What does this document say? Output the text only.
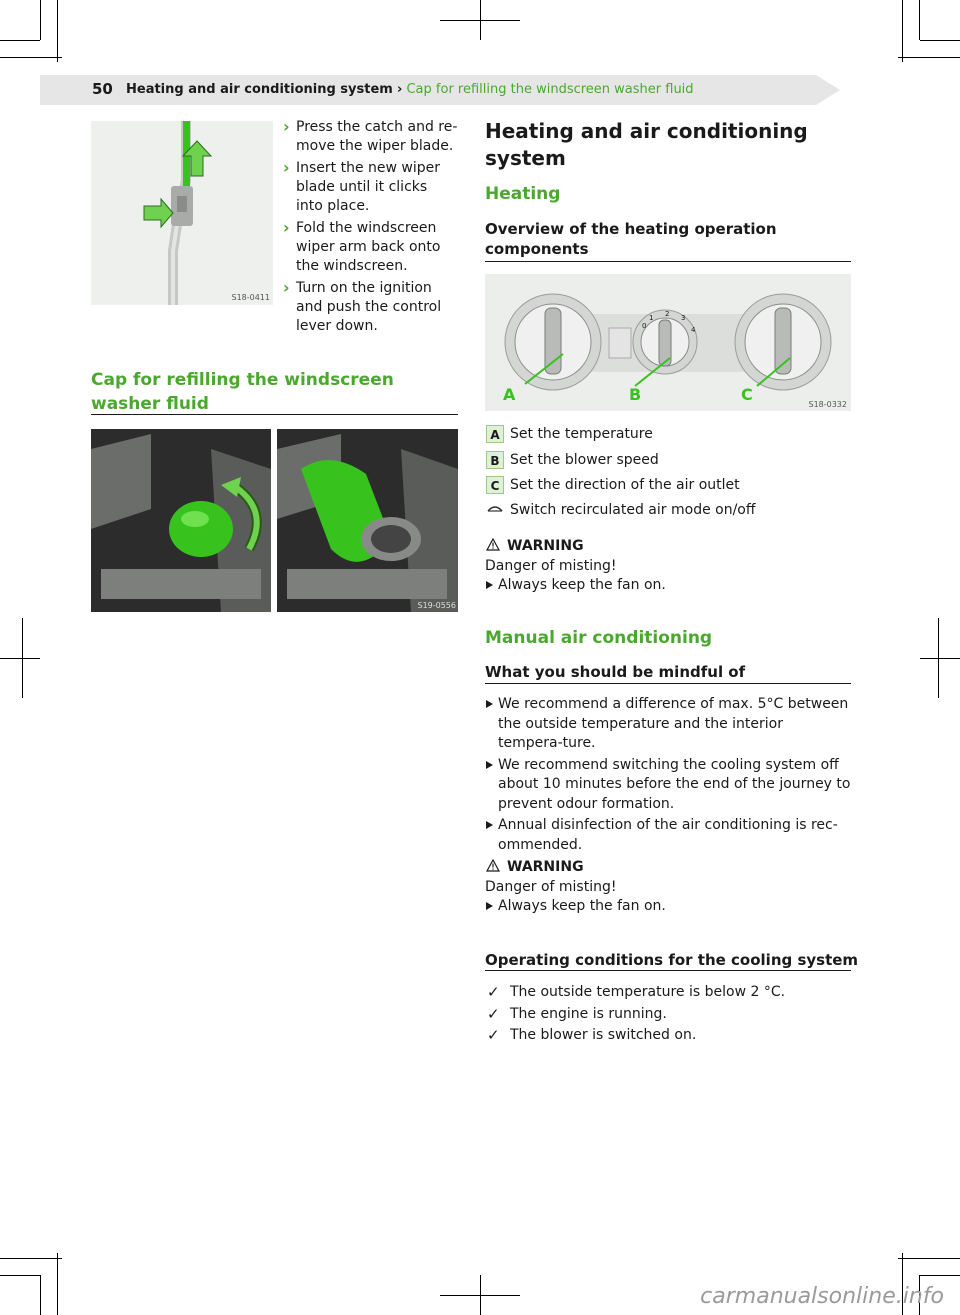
50 Heating and air conditioning system › Cap for refilling the windscreen washer fluid
S18-0411
› Press the catch and re-move the wiper blade.
› Insert the new wiper blade until it clicks into place.
› Fold the windscreen wiper arm back onto the windscreen.
› Turn on the ignition and push the control lever down.
Cap for refilling the windscreen washer fluid
S19-0556
Heating and air conditioning system
Heating
Overview of the heating operation components
0
1 2 3
4
A	B	C
S18-0332
A Set the temperature
B Set the blower speed
C Set the direction of the air outlet
Switch recirculated air mode on/off
WARNING
Danger of misting!
Always keep the fan on.
Manual air conditioning
What you should be mindful of
We recommend a difference of max. 5°C between the outside temperature and the interior tempera-ture.
We recommend switching the cooling system off about 10 minutes before the end of the journey to prevent odour formation.
Annual disinfection of the air conditioning is rec-ommended.
WARNING
Danger of misting!
Always keep the fan on.
Operating conditions for the cooling system
✓ The outside temperature is below 2 °C.
✓ The engine is running.
✓ The blower is switched on.
carmanualsonline.info
